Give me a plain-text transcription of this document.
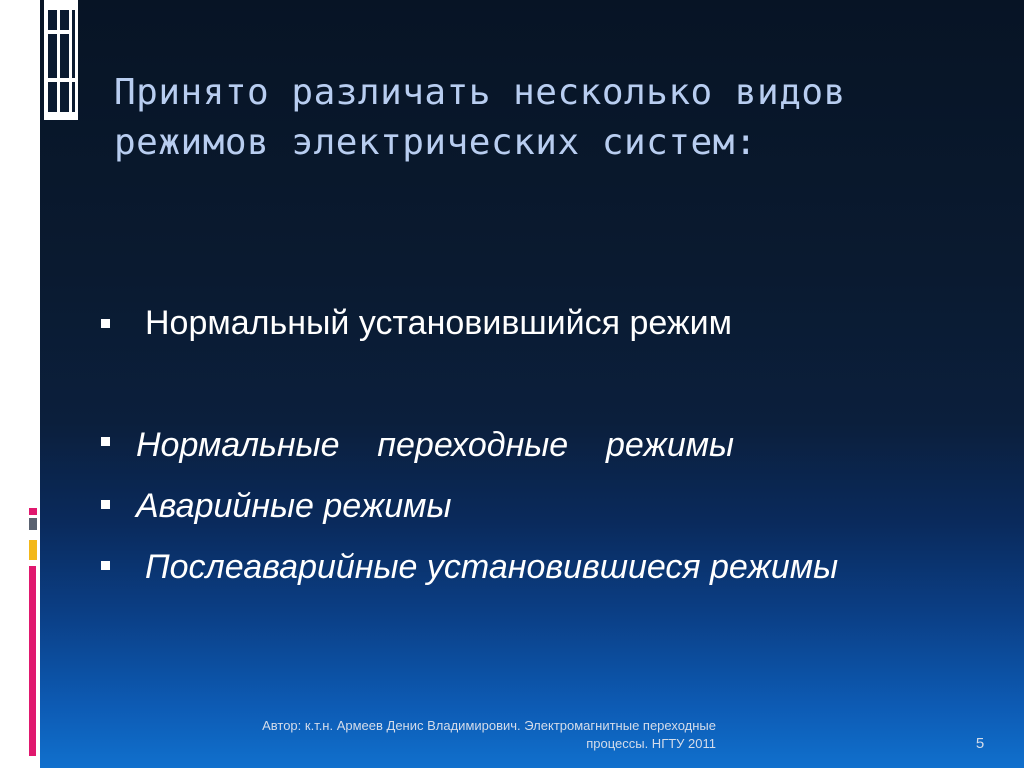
Принято различать несколько видов
режимов электрических систем:
Нормальный установившийся режим
Нормальные    переходные    режимы
Аварийные режимы
Послеаварийные установившиеся режимы
Автор: к.т.н. Армеев Денис Владимирович. Электромагнитные переходные
процессы. НГТУ 2011	5
